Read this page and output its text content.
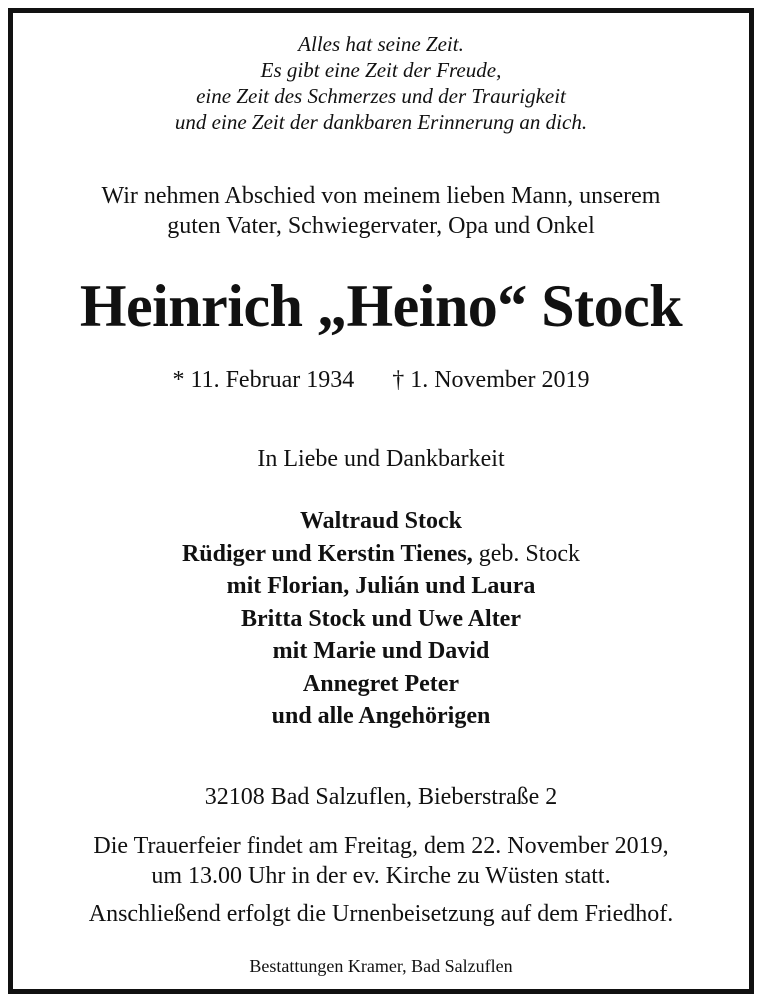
Alles hat seine Zeit.
Es gibt eine Zeit der Freude,
eine Zeit des Schmerzes und der Traurigkeit
und eine Zeit der dankbaren Erinnerung an dich.
Wir nehmen Abschied von meinem lieben Mann, unserem
guten Vater, Schwiegervater, Opa und Onkel
Heinrich „Heino“ Stock
* 11. Februar 1934 † 1. November 2019
In Liebe und Dankbarkeit
Waltraud Stock
Rüdiger und Kerstin Tienes, geb. Stock
mit Florian, Julián und Laura
Britta Stock und Uwe Alter
mit Marie und David
Annegret Peter
und alle Angehörigen
32108 Bad Salzuflen, Bieberstraße 2
Die Trauerfeier findet am Freitag, dem 22. November 2019,
um 13.00 Uhr in der ev. Kirche zu Wüsten statt.
Anschließend erfolgt die Urnenbeisetzung auf dem Friedhof.
Bestattungen Kramer, Bad Salzuflen
